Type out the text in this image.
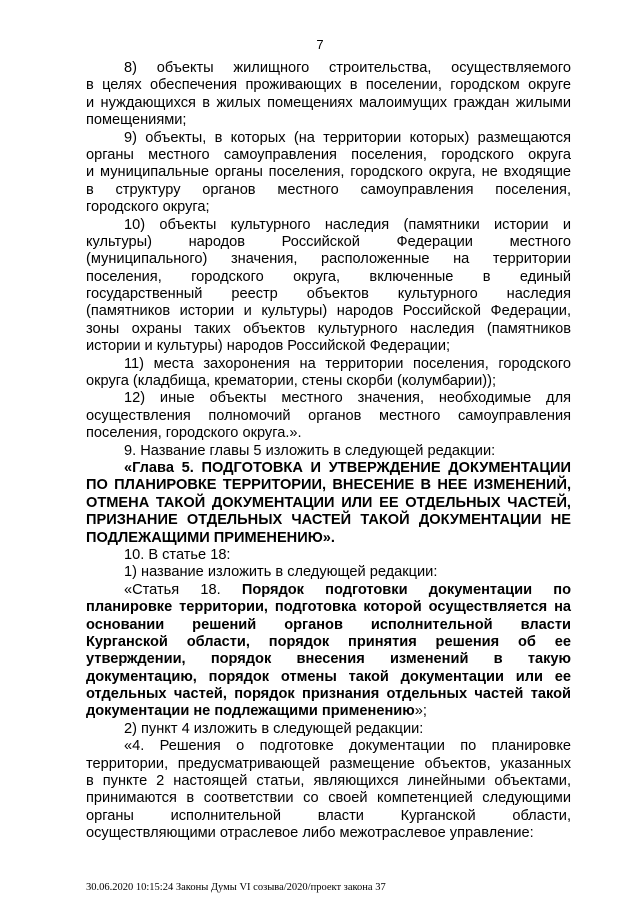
7
8) объекты жилищного строительства, осуществляемого
в целях обеспечения проживающих в поселении, городском округе
и нуждающихся в жилых помещениях малоимущих граждан жилыми
помещениями;
9) объекты, в которых (на территории которых) размещаются
органы местного самоуправления поселения, городского округа
и муниципальные органы поселения, городского округа, не входящие
в структуру органов местного самоуправления поселения,
городского округа;
10) объекты культурного наследия (памятники истории и
культуры) народов Российской Федерации местного
(муниципального) значения, расположенные на территории
поселения, городского округа, включенные в единый
государственный реестр объектов культурного наследия
(памятников истории и культуры) народов Российской Федерации,
зоны охраны таких объектов культурного наследия (памятников
истории и культуры) народов Российской Федерации;
11) места захоронения на территории поселения, городского
округа (кладбища, крематории, стены скорби (колумбарии));
12) иные объекты местного значения, необходимые для
осуществления полномочий органов местного самоуправления
поселения, городского округа.».
9. Название главы 5 изложить в следующей редакции:
«Глава 5. ПОДГОТОВКА И УТВЕРЖДЕНИЕ ДОКУМЕНТАЦИИ
ПО ПЛАНИРОВКЕ ТЕРРИТОРИИ, ВНЕСЕНИЕ В НЕЕ ИЗМЕНЕНИЙ,
ОТМЕНА ТАКОЙ ДОКУМЕНТАЦИИ ИЛИ ЕЕ ОТДЕЛЬНЫХ ЧАСТЕЙ,
ПРИЗНАНИЕ ОТДЕЛЬНЫХ ЧАСТЕЙ ТАКОЙ ДОКУМЕНТАЦИИ НЕ
ПОДЛЕЖАЩИМИ ПРИМЕНЕНИЮ».
10. В статье 18:
1) название изложить в следующей редакции:
«Статья 18. Порядок подготовки документации по
планировке территории, подготовка которой осуществляется на
основании решений органов исполнительной власти
Курганской области, порядок принятия решения об ее
утверждении, порядок внесения изменений в такую
документацию, порядок отмены такой документации или ее
отдельных частей, порядок признания отдельных частей такой
документации не подлежащими применению»;
2) пункт 4 изложить в следующей редакции:
«4. Решения о подготовке документации по планировке
территории, предусматривающей размещение объектов, указанных
в пункте 2 настоящей статьи, являющихся линейными объектами,
принимаются в соответствии со своей компетенцией следующими
органы исполнительной власти Курганской области,
осуществляющими отраслевое либо межотраслевое управление:
30.06.2020 10:15:24 Законы Думы VI созыва/2020/проект закона 37
